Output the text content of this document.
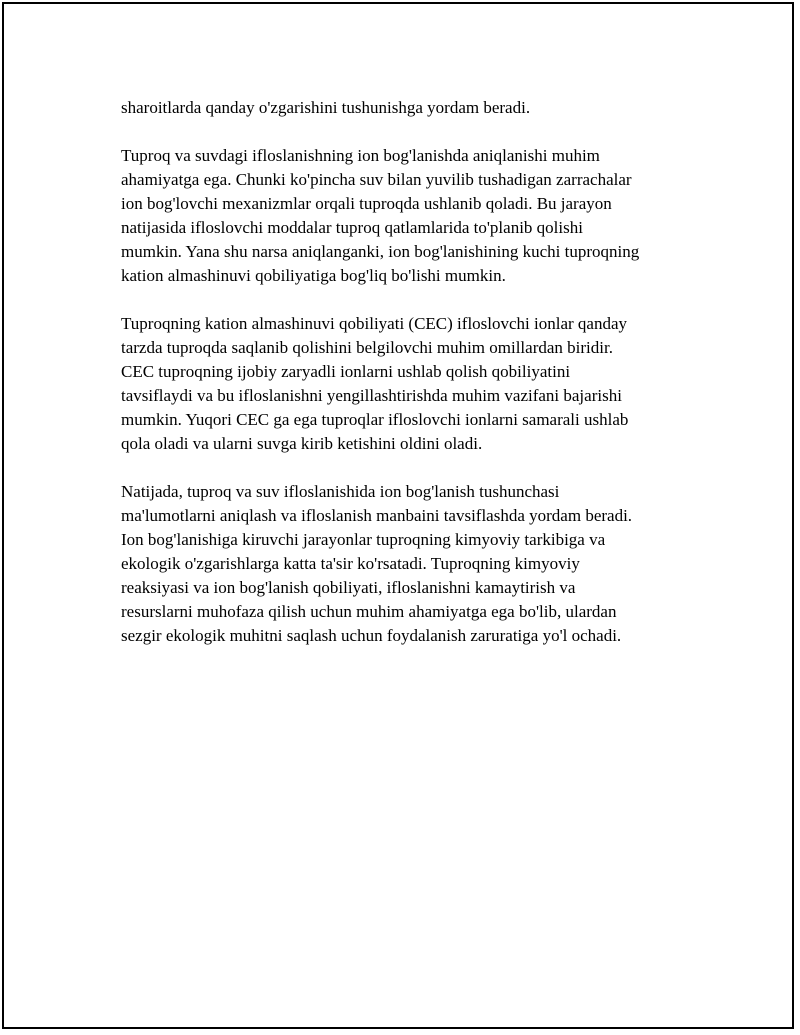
sharoitlarda qanday o'zgarishini tushunishga yordam beradi.
Tuproq va suvdagi ifloslanishning ion bog'lanishda aniqlanishi muhim
ahamiyatga ega. Chunki ko'pincha suv bilan yuvilib tushadigan zarrachalar
ion bog'lovchi mexanizmlar orqali tuproqda ushlanib qoladi. Bu jarayon
natijasida ifloslovchi moddalar tuproq qatlamlarida to'planib qolishi
mumkin. Yana shu narsa aniqlanganki, ion bog'lanishining kuchi tuproqning
kation almashinuvi qobiliyatiga bog'liq bo'lishi mumkin.
Tuproqning kation almashinuvi qobiliyati (CEC) ifloslovchi ionlar qanday
tarzda tuproqda saqlanib qolishini belgilovchi muhim omillardan biridir.
CEC tuproqning ijobiy zaryadli ionlarni ushlab qolish qobiliyatini
tavsiflaydi va bu ifloslanishni yengillashtirishda muhim vazifani bajarishi
mumkin. Yuqori CEC ga ega tuproqlar ifloslovchi ionlarni samarali ushlab
qola oladi va ularni suvga kirib ketishini oldini oladi.
Natijada, tuproq va suv ifloslanishida ion bog'lanish tushunchasi
ma'lumotlarni aniqlash va ifloslanish manbaini tavsiflashda yordam beradi.
Ion bog'lanishiga kiruvchi jarayonlar tuproqning kimyoviy tarkibiga va
ekologik o'zgarishlarga katta ta'sir ko'rsatadi. Tuproqning kimyoviy
reaksiyasi va ion bog'lanish qobiliyati, ifloslanishni kamaytirish va
resurslarni muhofaza qilish uchun muhim ahamiyatga ega bo'lib, ulardan
sezgir ekologik muhitni saqlash uchun foydalanish zaruratiga yo'l ochadi.
